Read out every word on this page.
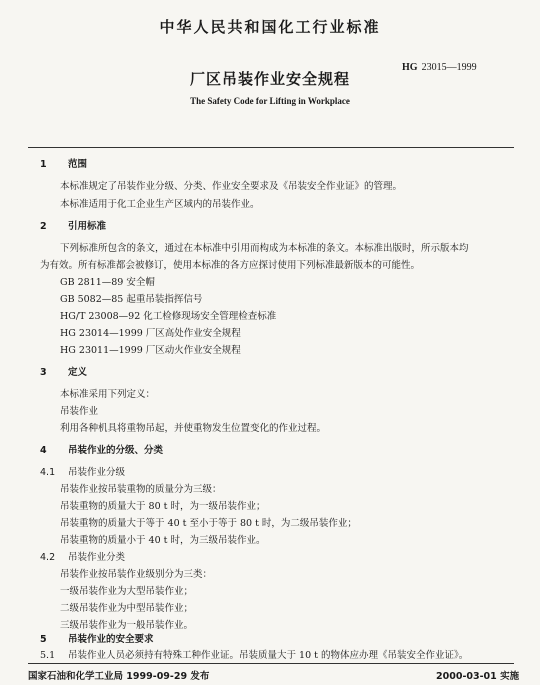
中华人民共和国化工行业标准
HG 23015—1999
厂区吊装作业安全规程
The Safety Code for Lifting in Workplace
1 范围
本标准规定了吊装作业分级、分类、作业安全要求及《吊装安全作业证》的管理。
本标准适用于化工企业生产区域内的吊装作业。
2 引用标准
下列标准所包含的条文，通过在本标准中引用而构成为本标准的条文。本标准出版时，所示版本均
为有效。所有标准都会被修订，使用本标准的各方应探讨使用下列标准最新版本的可能性。
GB 2811—89 安全帽
GB 5082—85 起重吊装指挥信号
HG/T 23008—92 化工检修现场安全管理检查标准
HG 23014—1999 厂区高处作业安全规程
HG 23011—1999 厂区动火作业安全规程
3 定义
本标准采用下列定义：
吊装作业
利用各种机具将重物吊起，并使重物发生位置变化的作业过程。
4 吊装作业的分级、分类
4.1 吊装作业分级
吊装作业按吊装重物的质量分为三级：
吊装重物的质量大于 80 t 时，为一级吊装作业；
吊装重物的质量大于等于 40 t 至小于等于 80 t 时，为二级吊装作业；
吊装重物的质量小于 40 t 时，为三级吊装作业。
4.2 吊装作业分类
吊装作业按吊装作业级别分为三类：
一级吊装作业为大型吊装作业；
二级吊装作业为中型吊装作业；
三级吊装作业为一般吊装作业。
5 吊装作业的安全要求
5.1 吊装作业人员必须持有特殊工种作业证。吊装质量大于 10 t 的物体应办理《吊装安全作业证》。
国家石油和化学工业局 1999-09-29 发布	2000-03-01 实施
